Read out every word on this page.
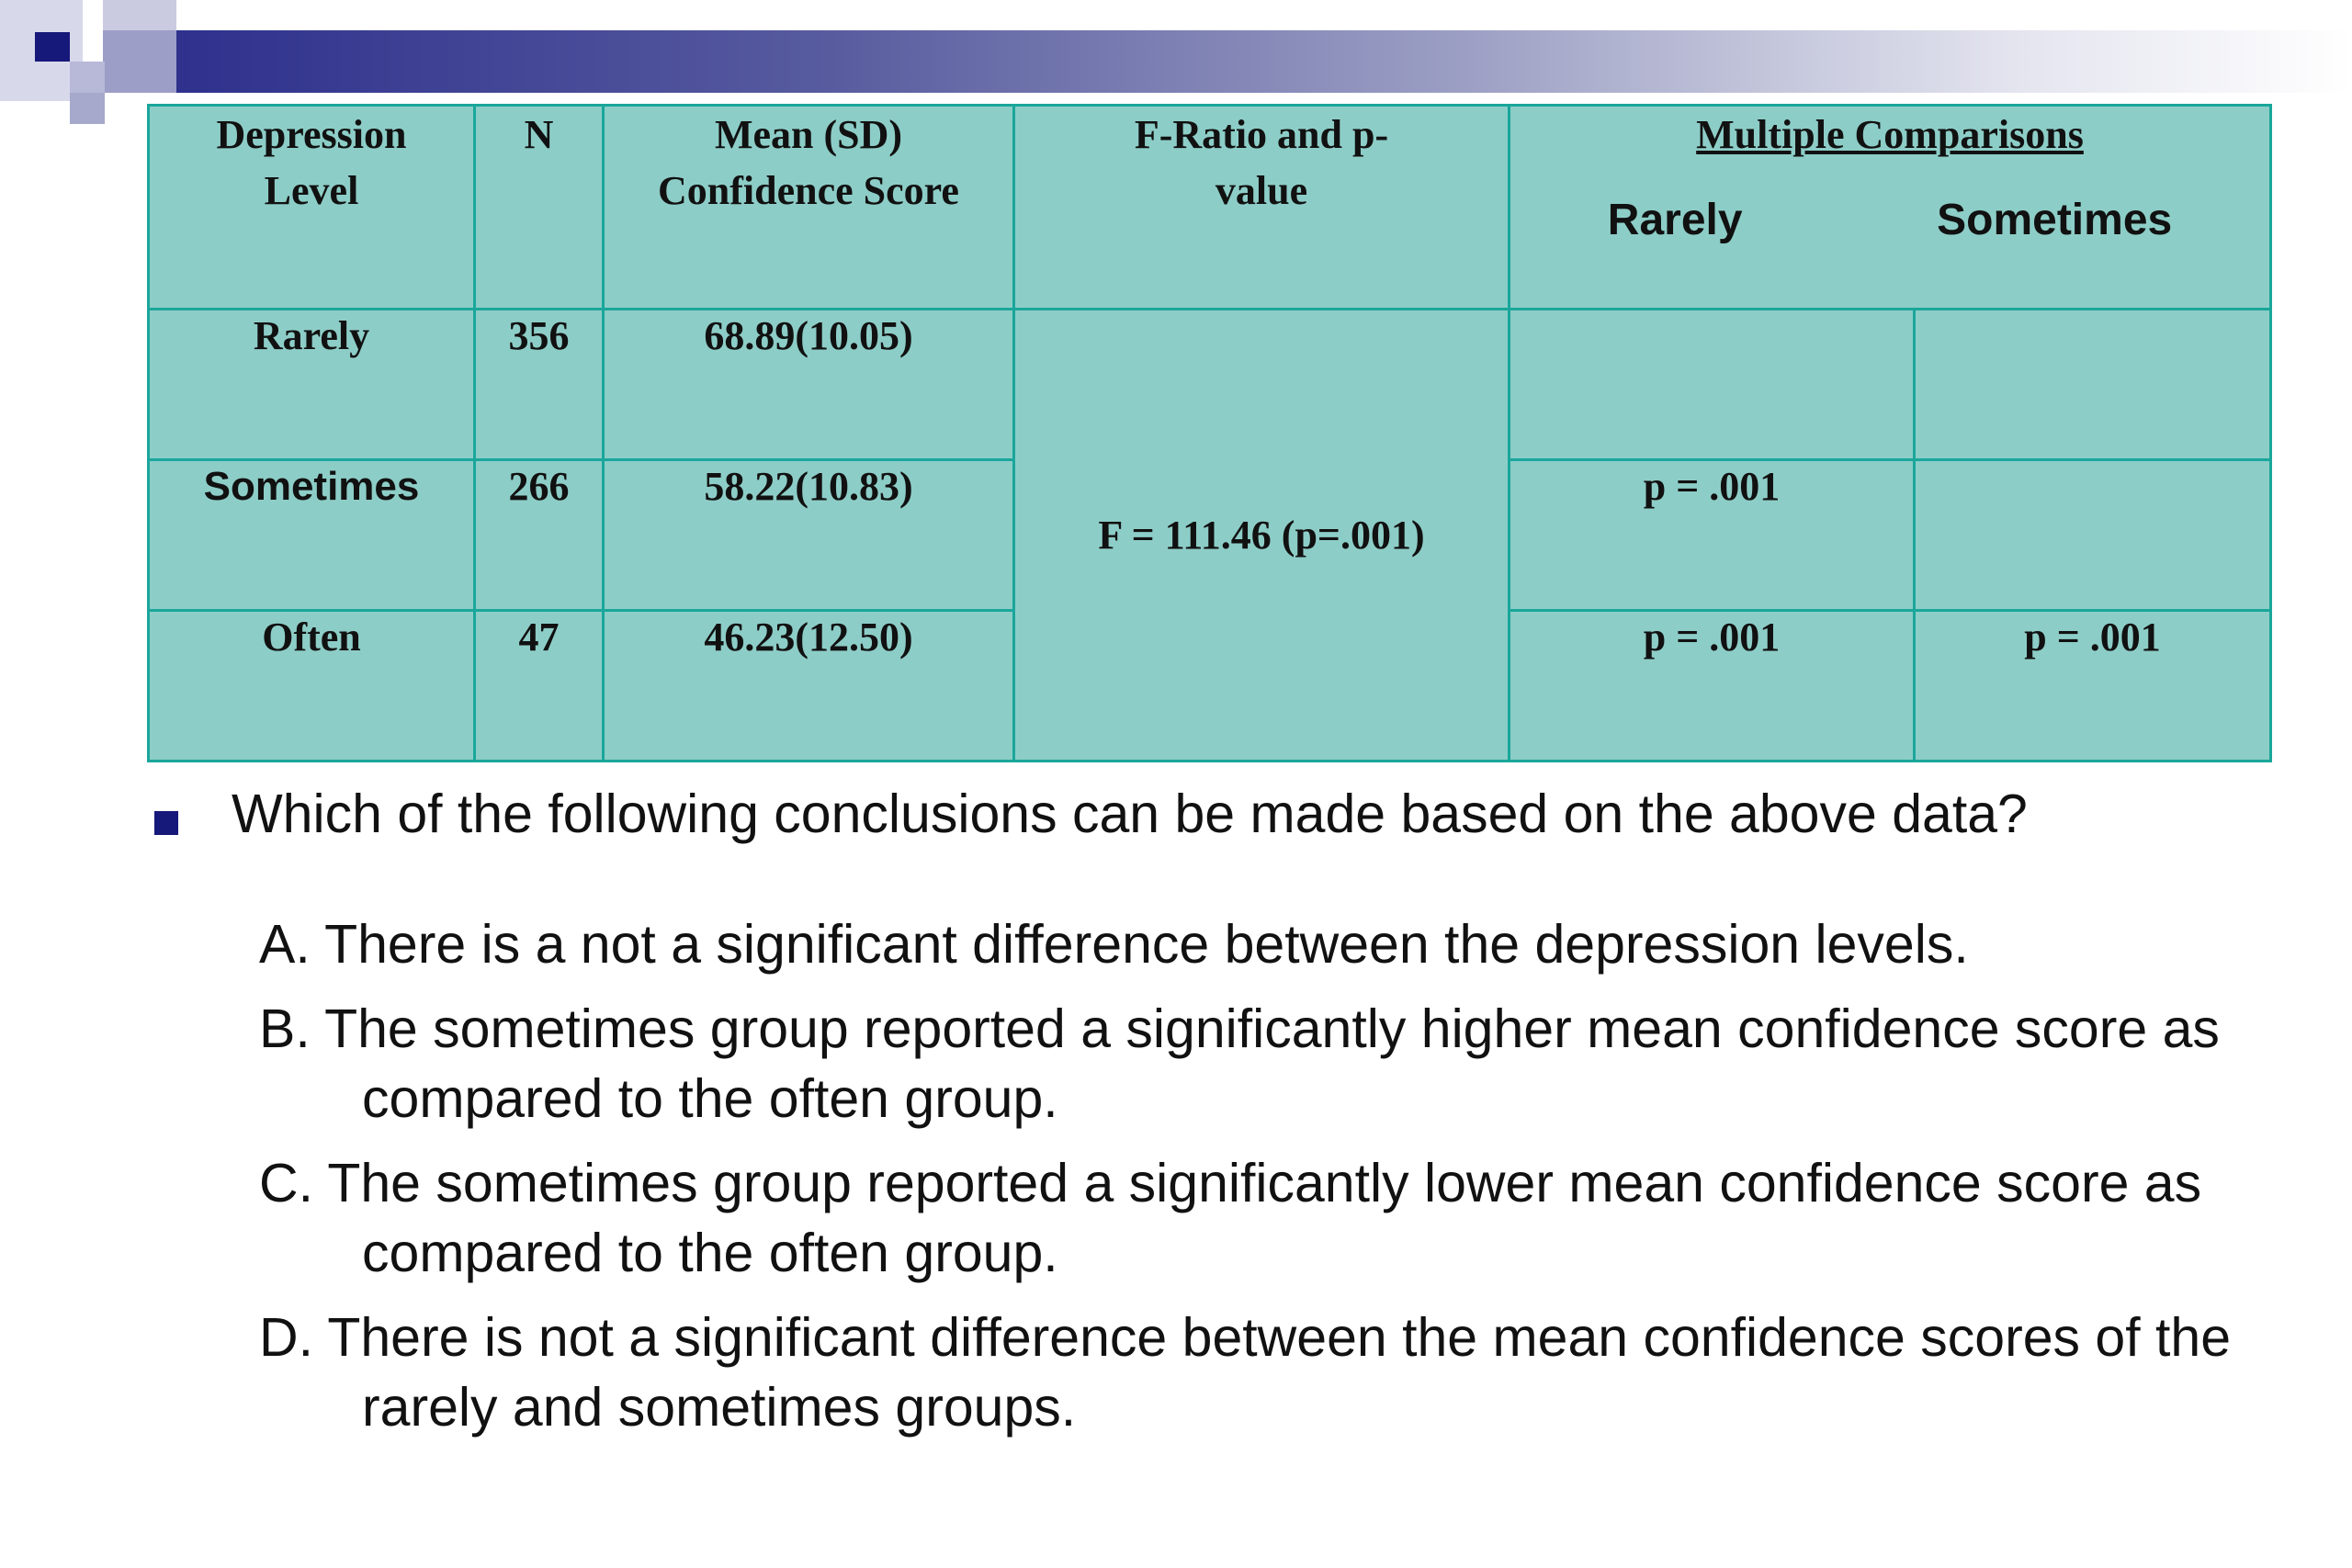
Depression Level	N	Mean (SD) Confidence Score	F-Ratio and p-value	Multiple Comparisons
Rarely Sometimes	

Rarely	356	68.89(10.05)	F = 111.46 (p=.001)		
Sometimes	266	58.22(10.83)		p = .001	
Often	47	46.23(12.50)		p = .001	p = .001
Which of the following conclusions can be made based on the above data?
A. There is a not a significant difference between the depression levels.
B. The sometimes group reported a significantly higher mean confidence score as compared to the often group.
C. The sometimes group reported a significantly lower mean confidence score as compared to the often group.
D. There is not a significant difference between the mean confidence scores of the rarely and sometimes groups.
